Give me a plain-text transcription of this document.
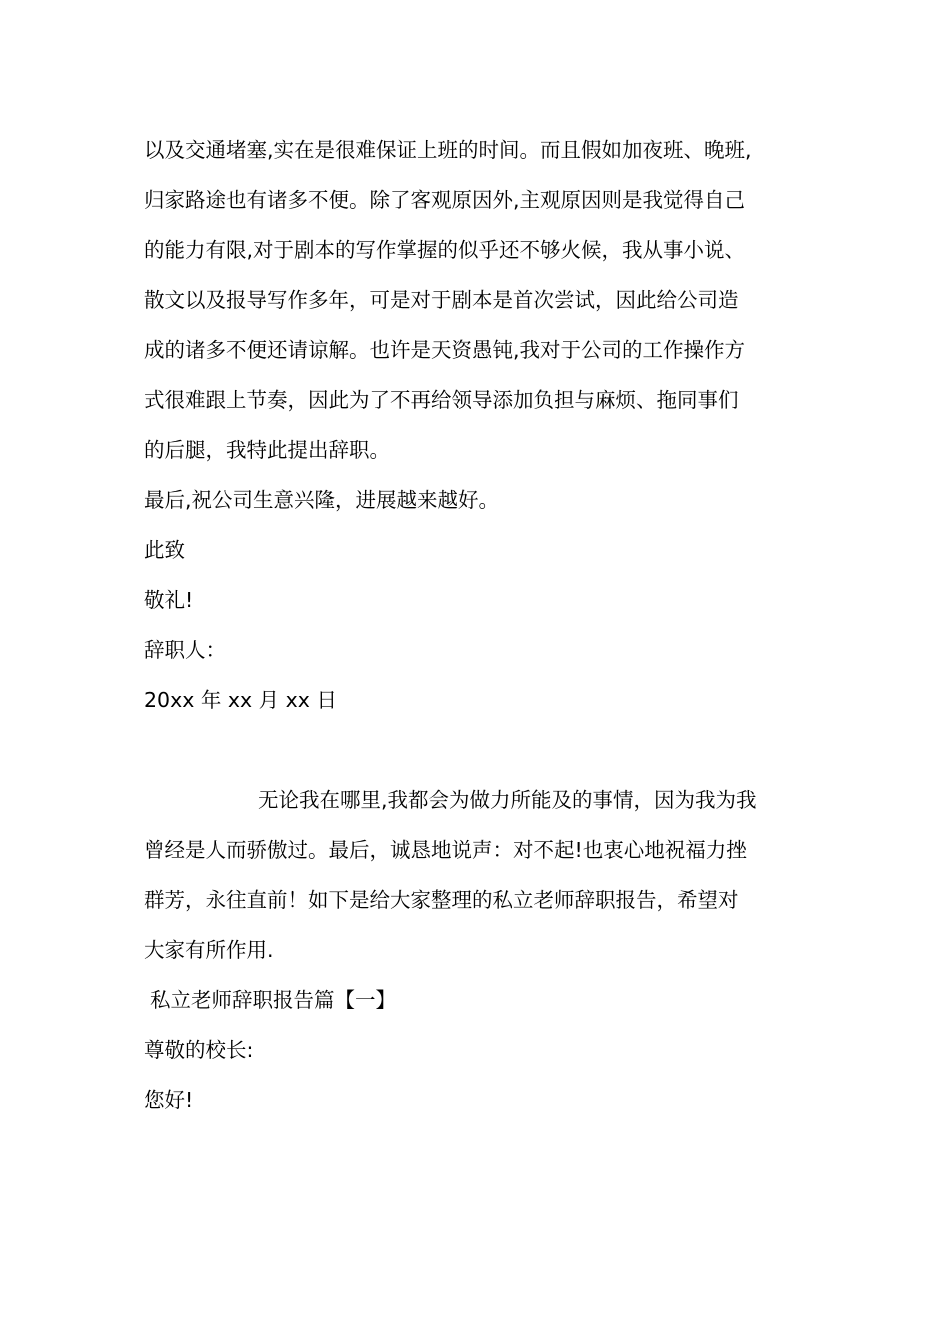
以及交通堵塞,实在是很难保证上班的时间。而且假如加夜班、晚班,
归家路途也有诸多不便。除了客观原因外,主观原因则是我觉得自己
的能力有限,对于剧本的写作掌握的似乎还不够火候，我从事小说、
散文以及报导写作多年，可是对于剧本是首次尝试，因此给公司造
成的诸多不便还请谅解。也许是天资愚钝,我对于公司的工作操作方
式很难跟上节奏，因此为了不再给领导添加负担与麻烦、拖同事们
的后腿，我特此提出辞职。
最后,祝公司生意兴隆，进展越来越好。
此致
敬礼!
辞职人：
20xx 年 xx 月 xx 日
无论我在哪里,我都会为做力所能及的事情，因为我为我
曾经是人而骄傲过。最后，诚恳地说声：对不起!也衷心地祝福力挫
群芳，永往直前！如下是给大家整理的私立老师辞职报告，希望对
大家有所作用.
私立老师辞职报告篇【一】
尊敬的校长:
您好!
